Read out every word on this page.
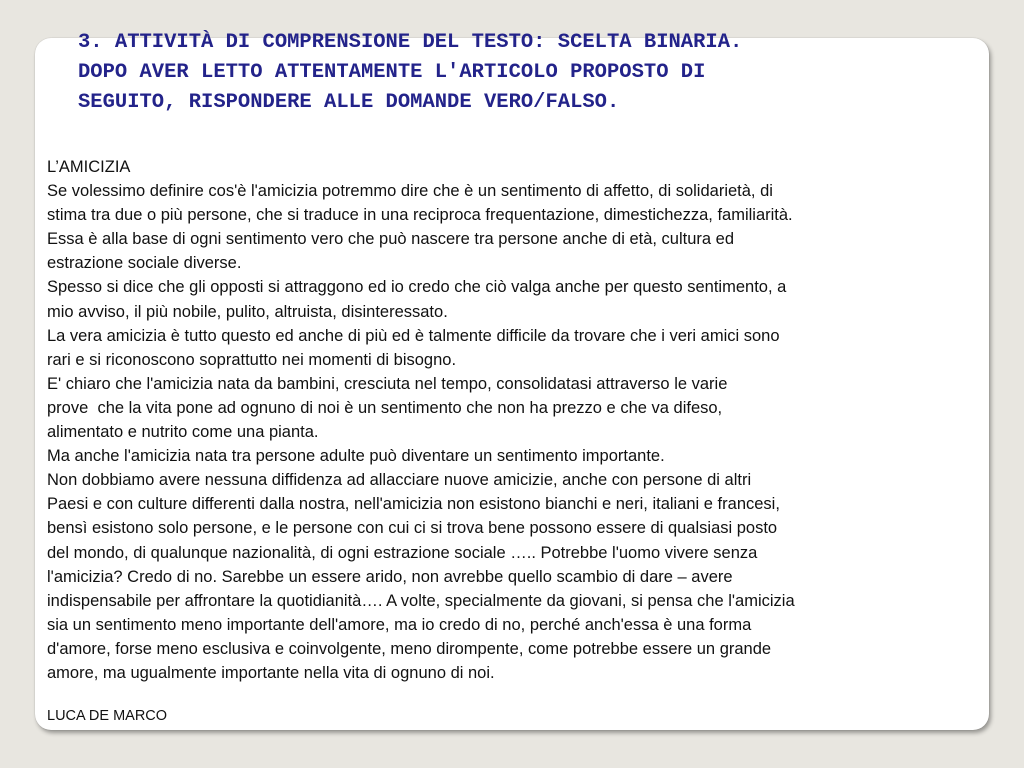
3. ATTIVITÀ DI COMPRENSIONE DEL TESTO: SCELTA BINARIA.
DOPO AVER LETTO ATTENTAMENTE L'ARTICOLO PROPOSTO DI
SEGUITO, RISPONDERE ALLE DOMANDE VERO/FALSO.
L’AMICIZIA
Se volessimo definire cos'è l'amicizia potremmo dire che è un sentimento di affetto, di solidarietà, di
stima tra due o più persone, che si traduce in una reciproca frequentazione, dimestichezza, familiarità.
Essa è alla base di ogni sentimento vero che può nascere tra persone anche di età, cultura ed
estrazione sociale diverse.
Spesso si dice che gli opposti si attraggono ed io credo che ciò valga anche per questo sentimento, a
mio avviso, il più nobile, pulito, altruista, disinteressato.
La vera amicizia è tutto questo ed anche di più ed è talmente difficile da trovare che i veri amici sono
rari e si riconoscono soprattutto nei momenti di bisogno.
E' chiaro che l'amicizia nata da bambini, cresciuta nel tempo, consolidatasi attraverso le varie
prove  che la vita pone ad ognuno di noi è un sentimento che non ha prezzo e che va difeso,
alimentato e nutrito come una pianta.
Ma anche l'amicizia nata tra persone adulte può diventare un sentimento importante.
Non dobbiamo avere nessuna diffidenza ad allacciare nuove amicizie, anche con persone di altri
Paesi e con culture differenti dalla nostra, nell'amicizia non esistono bianchi e neri, italiani e francesi,
bensì esistono solo persone, e le persone con cui ci si trova bene possono essere di qualsiasi posto
del mondo, di qualunque nazionalità, di ogni estrazione sociale ….. Potrebbe l'uomo vivere senza
l'amicizia? Credo di no. Sarebbe un essere arido, non avrebbe quello scambio di dare – avere
indispensabile per affrontare la quotidianità…. A volte, specialmente da giovani, si pensa che l'amicizia
sia un sentimento meno importante dell'amore, ma io credo di no, perché anch'essa è una forma
d'amore, forse meno esclusiva e coinvolgente, meno dirompente, come potrebbe essere un grande
amore, ma ugualmente importante nella vita di ognuno di noi.
LUCA DE MARCO
